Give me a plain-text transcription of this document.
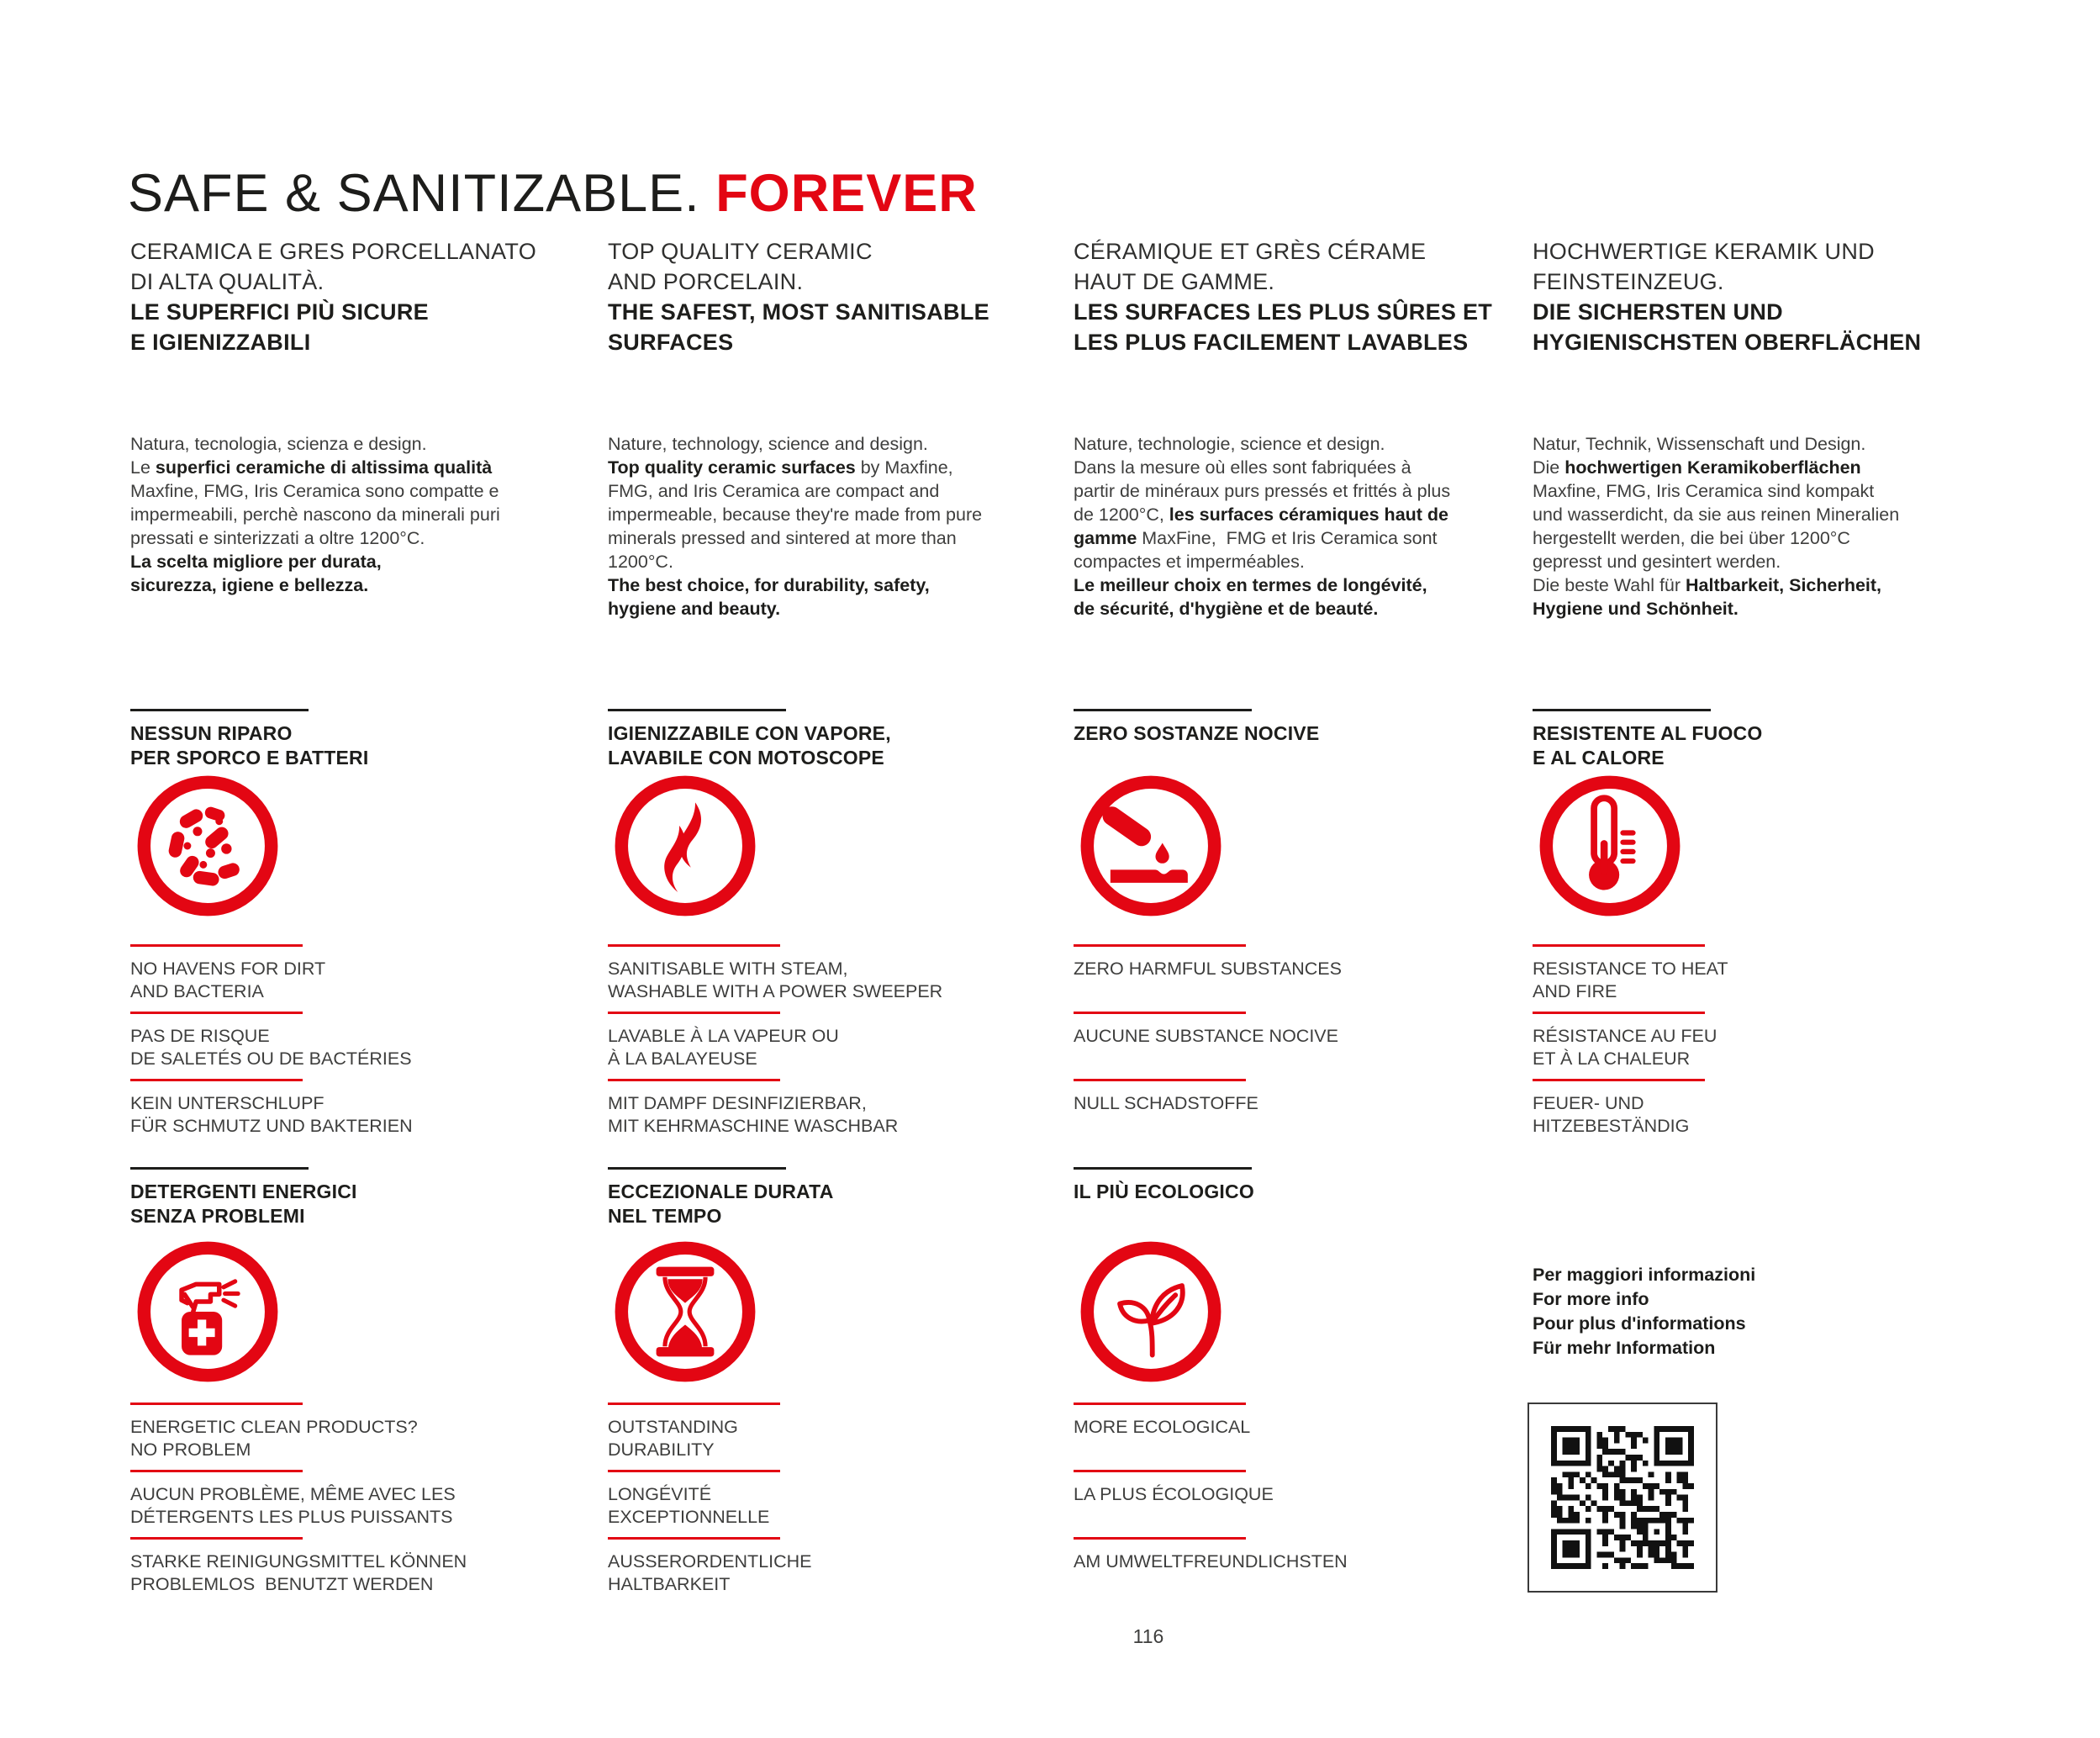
SAFE & SANITIZABLE. FOREVER
CERAMICA E GRES PORCELLANATO
DI ALTA QUALITÀ.
LE SUPERFICI PIÙ SICURE
E IGIENIZZABILI

Natura, tecnologia, scienza e design.
Le superfici ceramiche di altissima qualità
Maxfine, FMG, Iris Ceramica sono compatte e
impermeabili, perchè nascono da minerali puri
pressati e sinterizzati a oltre 1200°C.
La scelta migliore per durata,
sicurezza, igiene e bellezza.

TOP QUALITY CERAMIC
AND PORCELAIN.
THE SAFEST, MOST SANITISABLE
SURFACES

Nature, technology, science and design.
Top quality ceramic surfaces by Maxfine,
FMG, and Iris Ceramica are compact and
impermeable, because they're made from pure
minerals pressed and sintered at more than
1200°C.
The best choice, for durability, safety,
hygiene and beauty.

CÉRAMIQUE ET GRÈS CÉRAME
HAUT DE GAMME.
LES SURFACES LES PLUS SÛRES ET
LES PLUS FACILEMENT LAVABLES

Nature, technologie, science et design.
Dans la mesure où elles sont fabriquées à
partir de minéraux purs pressés et frittés à plus
de 1200°C, les surfaces céramiques haut de
gamme MaxFine,  FMG et Iris Ceramica sont
compactes et imperméables.
Le meilleur choix en termes de longévité,
de sécurité, d'hygiène et de beauté.

HOCHWERTIGE KERAMIK UND
FEINSTEINZEUG.
DIE SICHERSTEN UND
HYGIENISCHSTEN OBERFLÄCHEN

Natur, Technik, Wissenschaft und Design.
Die hochwertigen Keramikoberflächen
Maxfine, FMG, Iris Ceramica sind kompakt
und wasserdicht, da sie aus reinen Mineralien
hergestellt werden, die bei über 1200°C
gepresst und gesintert werden.
Die beste Wahl für Haltbarkeit, Sicherheit,
Hygiene und Schönheit.

NESSUN RIPARO
PER SPORCO E BATTERI
NO HAVENS FOR DIRT
AND BACTERIA
PAS DE RISQUE
DE SALETÉS OU DE BACTÉRIES
KEIN UNTERSCHLUPF
FÜR SCHMUTZ UND BAKTERIEN
IGIENIZZABILE CON VAPORE,
LAVABILE CON MOTOSCOPE
SANITISABLE WITH STEAM,
WASHABLE WITH A POWER SWEEPER
LAVABLE À LA VAPEUR OU
À LA BALAYEUSE
MIT DAMPF DESINFIZIERBAR,
MIT KEHRMASCHINE WASCHBAR
ZERO SOSTANZE NOCIVE
ZERO HARMFUL SUBSTANCES
AUCUNE SUBSTANCE NOCIVE
NULL SCHADSTOFFE
RESISTENTE AL FUOCO
E AL CALORE
RESISTANCE TO HEAT
AND FIRE
RÉSISTANCE AU FEU
ET À LA CHALEUR
FEUER- UND
HITZEBESTÄNDIG
DETERGENTI ENERGICI
SENZA PROBLEMI
ENERGETIC CLEAN PRODUCTS?
NO PROBLEM
AUCUN PROBLÈME, MÊME AVEC LES
DÉTERGENTS LES PLUS PUISSANTS
STARKE REINIGUNGSMITTEL KÖNNEN
PROBLEMLOS  BENUTZT WERDEN
ECCEZIONALE DURATA
NEL TEMPO
OUTSTANDING
DURABILITY
LONGÉVITÉ
EXCEPTIONNELLE
AUSSERORDENTLICHE
HALTBARKEIT
IL PIÙ ECOLOGICO
MORE ECOLOGICAL
LA PLUS ÉCOLOGIQUE
AM UMWELTFREUNDLICHSTEN
Per maggiori informazioni
For more info
Pour plus d'informations
Für mehr Information
116
